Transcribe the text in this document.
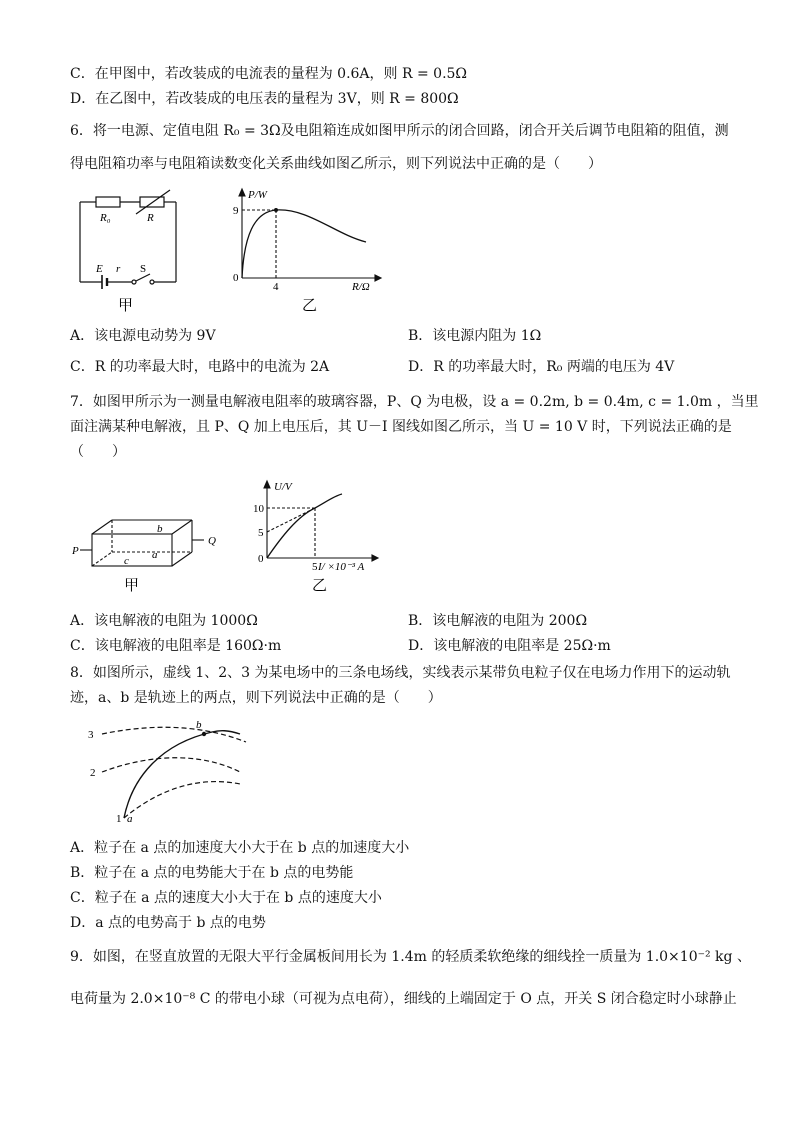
C．在甲图中，若改装成的电流表的量程为 0.6A，则 R = 0.5Ω
D．在乙图中，若改装成的电压表的量程为 3V，则 R = 800Ω
6．将一电源、定值电阻 R₀ = 3Ω及电阻箱连成如图甲所示的闭合回路，闭合开关后调节电阻箱的阻值，测
得电阻箱功率与电阻箱读数变化关系曲线如图乙所示，则下列说法中正确的是（　　）
R₀	R
E r S
甲
P/W
R/Ω
0
9
4
乙
A．该电源电动势为 9V	B．该电源内阻为 1Ω
C．R 的功率最大时，电路中的电流为 2A	D．R 的功率最大时，R₀ 两端的电压为 4V
7．如图甲所示为一测量电解液电阻率的玻璃容器，P、Q 为电极，设 a = 0.2m, b = 0.4m, c = 1.0m ，当里
面注满某种电解液，且 P、Q 加上电压后，其 U－I 图线如图乙所示，当 U = 10 V 时，下列说法正确的是
（　　）
P
Q
b
a
c
甲
U/V
I/ ×10⁻³ A
0
10
5
5
乙
A．该电解液的电阻为 1000Ω	B．该电解液的电阻为 200Ω
C．该电解液的电阻率是 160Ω·m	D．该电解液的电阻率是 25Ω·m
8．如图所示，虚线 1、2、3 为某电场中的三条电场线，实线表示某带负电粒子仅在电场力作用下的运动轨
迹，a、b 是轨迹上的两点，则下列说法中正确的是（　　）
3
2
1 a
b
A．粒子在 a 点的加速度大小大于在 b 点的加速度大小
B．粒子在 a 点的电势能大于在 b 点的电势能
C．粒子在 a 点的速度大小大于在 b 点的速度大小
D．a 点的电势高于 b 点的电势
9．如图，在竖直放置的无限大平行金属板间用长为 1.4m 的轻质柔软绝缘的细线拴一质量为 1.0×10⁻² kg 、
电荷量为 2.0×10⁻⁸ C 的带电小球（可视为点电荷），细线的上端固定于 O 点，开关 S 闭合稳定时小球静止
